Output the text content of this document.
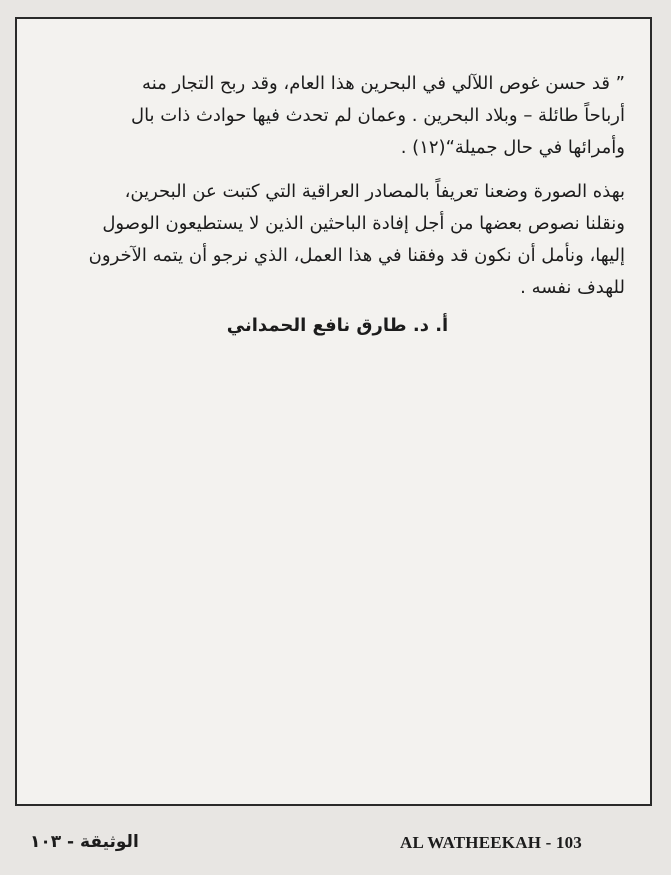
” قد حسن غوص اللآلي في البحرين هذا العام، وقد ربح التجار منه
أرباحاً طائلة – وبلاد البحرين . وعمان لم تحدث فيها حوادث ذات بال
وأمرائها في حال جميلة“(١٢) .

بهذه الصورة وضعنا تعريفاً بالمصادر العراقية التي كتبت عن البحرين،
ونقلنا نصوص بعضها من أجل إفادة الباحثين الذين لا يستطيعون الوصول
إليها، ونأمل أن نكون قد وفقنا في هذا العمل، الذي نرجو أن يتمه الآخرون
للهدف نفسه .

أ. د. طارق نافع الحمداني

AL WATHEEKAH - 103
الوثيقة - ١٠٣
